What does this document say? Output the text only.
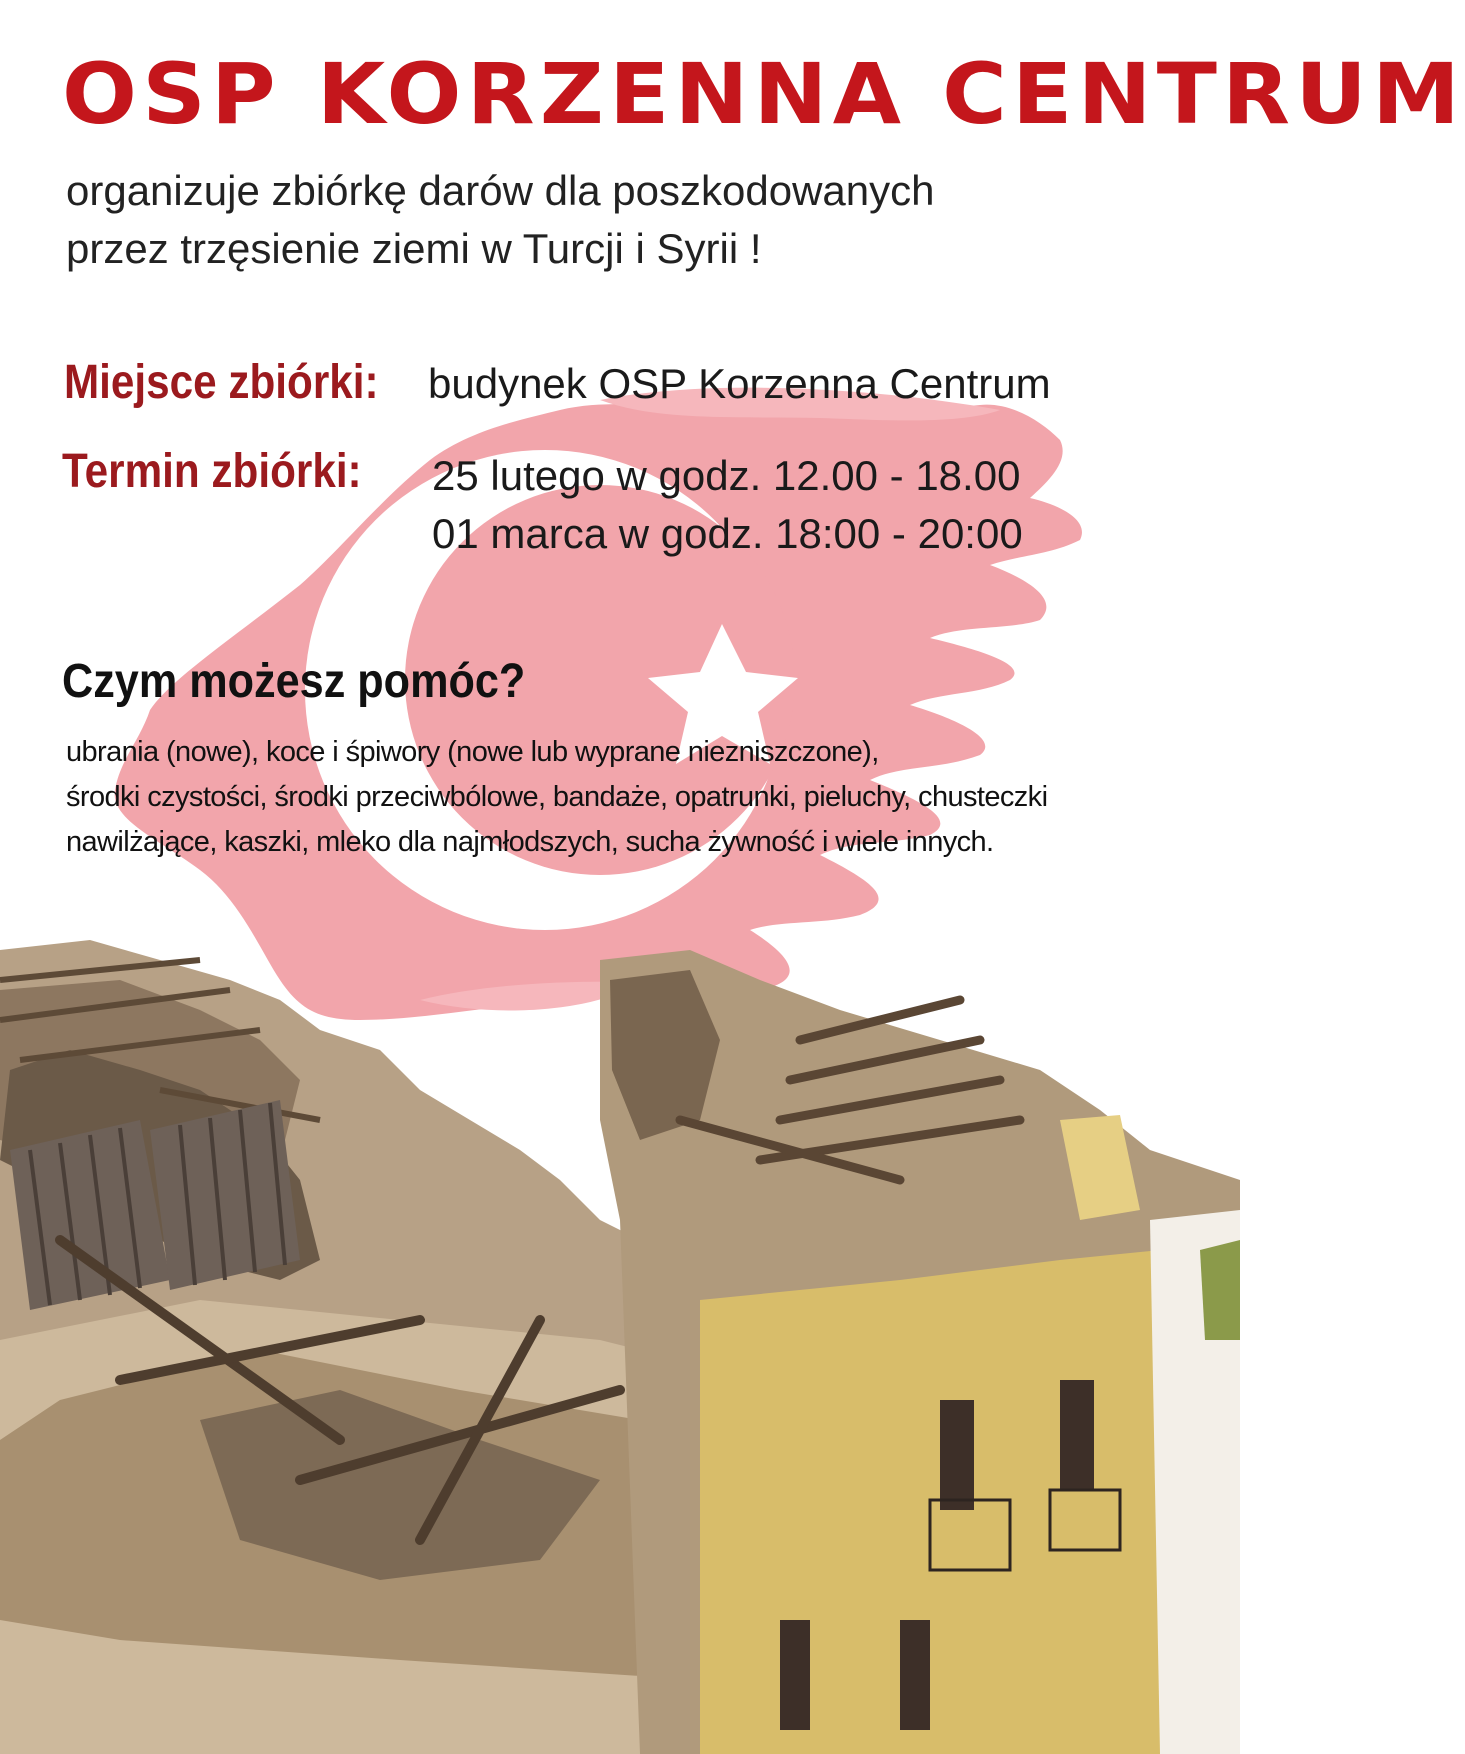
OSP KORZENNA CENTRUM
organizuje zbiórkę darów dla poszkodowanych
przez trzęsienie ziemi w Turcji i Syrii !
Miejsce zbiórki: budynek OSP Korzenna Centrum
Termin zbiórki: 25 lutego w godz. 12.00 - 18.00
01 marca w godz. 18:00 - 20:00
Czym możesz pomóc?
ubrania (nowe), koce i śpiwory (nowe lub wyprane niezniszczone),
środki czystości, środki przeciwbólowe, bandaże, opatrunki, pieluchy, chusteczki
nawilżające, kaszki, mleko dla najmłodszych, sucha żywność i wiele innych.
